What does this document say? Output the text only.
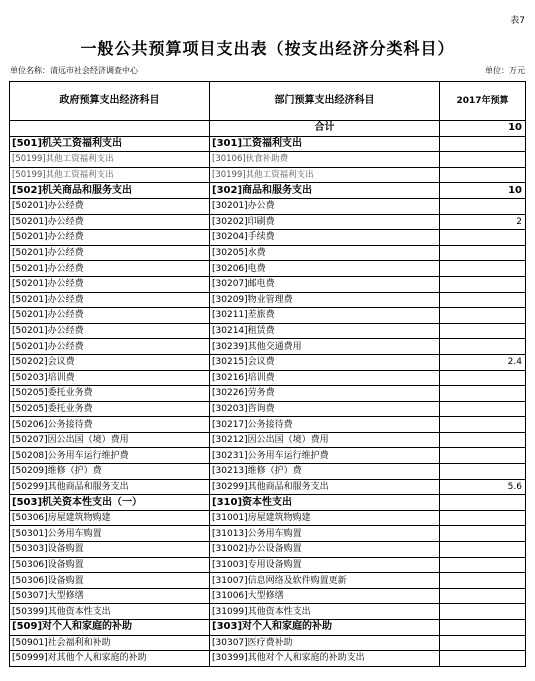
表7
一般公共预算项目支出表（按支出经济分类科目）
单位名称：清远市社会经济调查中心	单位：万元
政府预算支出经济科目	部门预算支出经济科目	2017年预算
	合计	10
[501]机关工资福利支出	[301]工资福利支出	
[50199]其他工资福利支出	[30106]伙食补助费	
[50199]其他工资福利支出	[30199]其他工资福利支出	
[502]机关商品和服务支出	[302]商品和服务支出	10
[50201]办公经费	[30201]办公费	
[50201]办公经费	[30202]印刷费	2
[50201]办公经费	[30204]手续费	
[50201]办公经费	[30205]水费	
[50201]办公经费	[30206]电费	
[50201]办公经费	[30207]邮电费	
[50201]办公经费	[30209]物业管理费	
[50201]办公经费	[30211]差旅费	
[50201]办公经费	[30214]租赁费	
[50201]办公经费	[30239]其他交通费用	
[50202]会议费	[30215]会议费	2.4
[50203]培训费	[30216]培训费	
[50205]委托业务费	[30226]劳务费	
[50205]委托业务费	[30203]咨询费	
[50206]公务接待费	[30217]公务接待费	
[50207]因公出国（境）费用	[30212]因公出国（境）费用	
[50208]公务用车运行维护费	[30231]公务用车运行维护费	
[50209]维修（护）费	[30213]维修（护）费	
[50299]其他商品和服务支出	[30299]其他商品和服务支出	5.6
[503]机关资本性支出（一）	[310]资本性支出	
[50306]房屋建筑物购建	[31001]房屋建筑物购建	
[50301]公务用车购置	[31013]公务用车购置	
[50303]设备购置	[31002]办公设备购置	
[50306]设备购置	[31003]专用设备购置	
[50306]设备购置	[31007]信息网络及软件购置更新	
[50307]大型修缮	[31006]大型修缮	
[50399]其他资本性支出	[31099]其他资本性支出	
[509]对个人和家庭的补助	[303]对个人和家庭的补助	
[50901]社会福利和补助	[30307]医疗费补助	
[50999]对其他个人和家庭的补助	[30399]其他对个人和家庭的补助支出	
